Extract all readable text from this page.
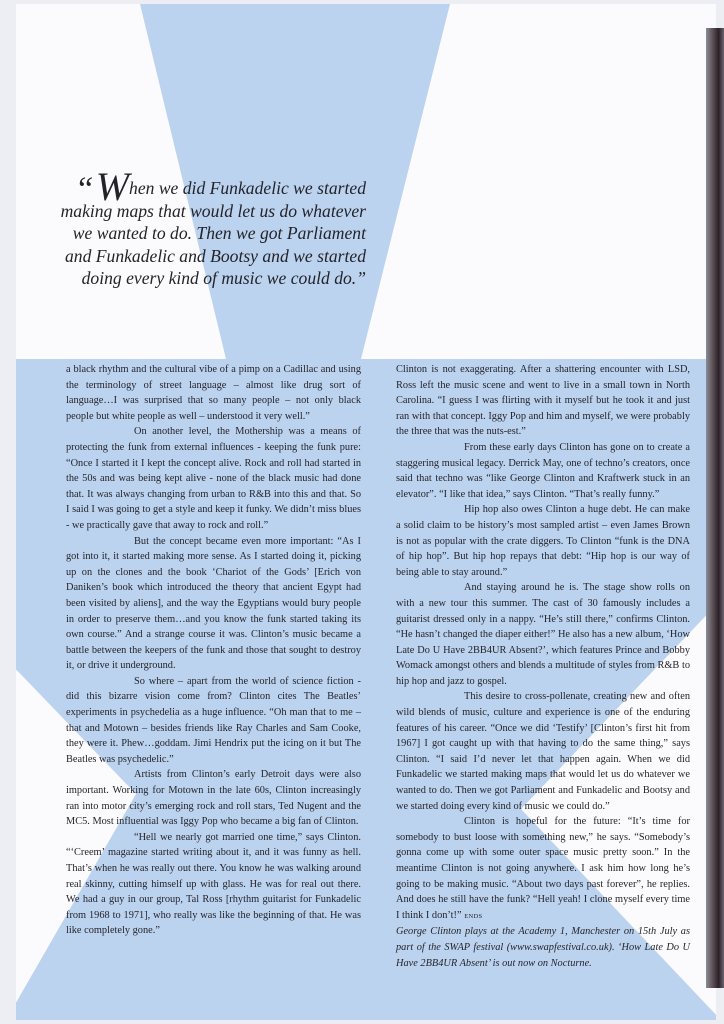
“When we did Funkadelic we started making maps that would let us do whatever we wanted to do. Then we got Parliament and Funkadelic and Bootsy and we started doing every kind of music we could do.”

a black rhythm and the cultural vibe of a pimp on a Cadillac and using the terminology of street language – almost like drug sort of language…I was surprised that so many people – not only black people but white people as well – understood it very well.”

On another level, the Mothership was a means of protecting the funk from external influences - keeping the funk pure: “Once I started it I kept the concept alive. Rock and roll had started in the 50s and was being kept alive - none of the black music had done that. It was always changing from urban to R&B into this and that. So I said I was going to get a style and keep it funky. We didn’t miss blues - we practically gave that away to rock and roll.”

But the concept became even more important: “As I got into it, it started making more sense. As I started doing it, picking up on the clones and the book ‘Chariot of the Gods’ [Erich von Daniken’s book which introduced the theory that ancient Egypt had been visited by aliens], and the way the Egyptians would bury people in order to preserve them…and you know the funk started taking its own course.” And a strange course it was. Clinton’s music became a battle between the keepers of the funk and those that sought to destroy it, or drive it underground.

So where – apart from the world of science fiction - did this bizarre vision come from? Clinton cites The Beatles’ experiments in psychedelia as a huge influence. “Oh man that to me – that and Motown – besides friends like Ray Charles and Sam Cooke, they were it. Phew…goddam. Jimi Hendrix put the icing on it but The Beatles was psychedelic.”

Artists from Clinton’s early Detroit days were also important. Working for Motown in the late 60s, Clinton increasingly ran into motor city’s emerging rock and roll stars, Ted Nugent and the MC5. Most influential was Iggy Pop who became a big fan of Clinton.

“Hell we nearly got married one time,” says Clinton. “‘Creem’ magazine started writing about it, and it was funny as hell. That’s when he was really out there. You know he was walking around real skinny, cutting himself up with glass. He was for real out there. We had a guy in our group, Tal Ross [rhythm guitarist for Funkadelic from 1968 to 1971], who really was like the beginning of that. He was like completely gone.”

Clinton is not exaggerating. After a shattering encounter with LSD, Ross left the music scene and went to live in a small town in North Carolina. “I guess I was flirting with it myself but he took it and just ran with that concept. Iggy Pop and him and myself, we were probably the three that was the nuts-est.”

From these early days Clinton has gone on to create a staggering musical legacy. Derrick May, one of techno’s creators, once said that techno was “like George Clinton and Kraftwerk stuck in an elevator”. “I like that idea,” says Clinton. “That’s really funny.”

Hip hop also owes Clinton a huge debt. He can make a solid claim to be history’s most sampled artist – even James Brown is not as popular with the crate diggers. To Clinton “funk is the DNA of hip hop”. But hip hop repays that debt: “Hip hop is our way of being able to stay around.”

And staying around he is. The stage show rolls on with a new tour this summer. The cast of 30 famously includes a guitarist dressed only in a nappy. “He’s still there,” confirms Clinton. “He hasn’t changed the diaper either!” He also has a new album, ‘How Late Do U Have 2BB4UR Absent?’, which features Prince and Bobby Womack amongst others and blends a multitude of styles from R&B to hip hop and jazz to gospel.

This desire to cross-pollenate, creating new and often wild blends of music, culture and experience is one of the enduring features of his career. “Once we did ‘Testify’ [Clinton’s first hit from 1967] I got caught up with that having to do the same thing,” says Clinton. “I said I’d never let that happen again. When we did Funkadelic we started making maps that would let us do whatever we wanted to do. Then we got Parliament and Funkadelic and Bootsy and we started doing every kind of music we could do.”

Clinton is hopeful for the future: “It’s time for somebody to bust loose with something new,” he says. “Somebody’s gonna come up with some outer space music pretty soon.” In the meantime Clinton is not going anywhere. I ask him how long he’s going to be making music. “About two days past forever”, he replies. And does he still have the funk? “Hell yeah! I clone myself every time I think I don’t!” ENDS

George Clinton plays at the Academy 1, Manchester on 15th July as part of the SWAP festival (www.swapfestival.co.uk). ‘How Late Do U Have 2BB4UR Absent’ is out now on Nocturne.
